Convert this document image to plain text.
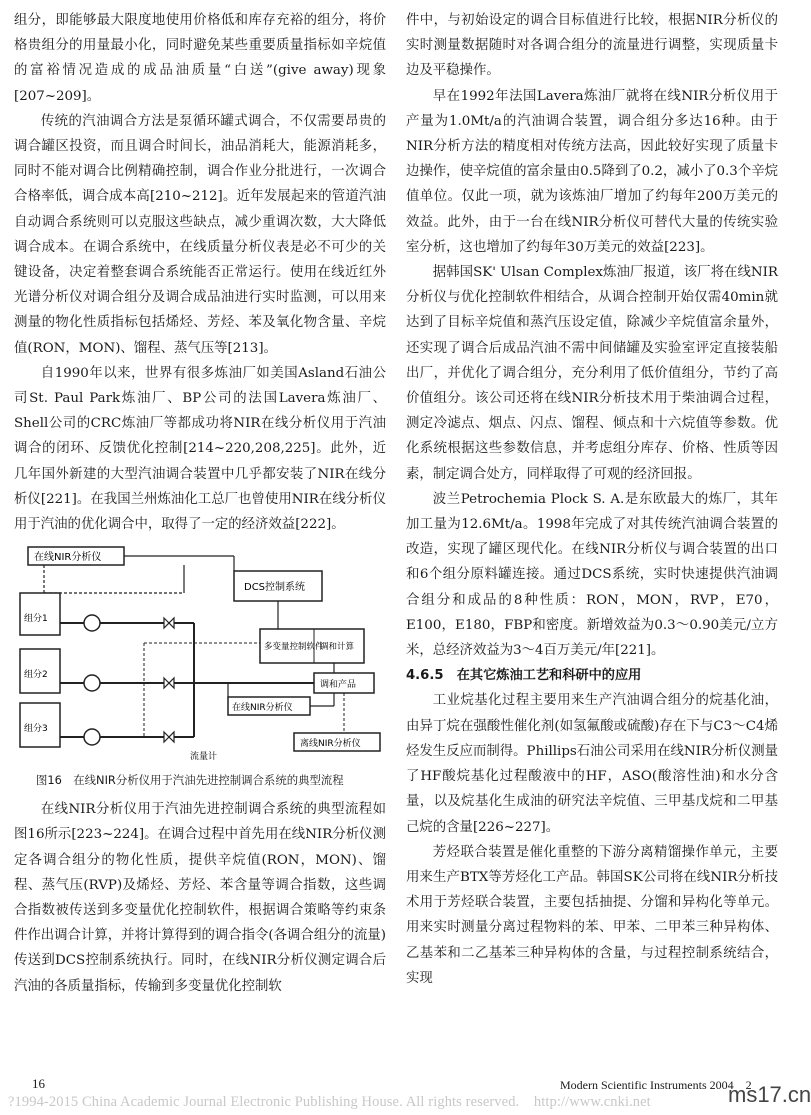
组分，即能够最大限度地使用价格低和库存充裕的组分，将价格贵组分的用量最小化，同时避免某些重要质量指标如辛烷值的富裕情况造成的成品油质量“白送”(give away)现象[207~209]。

传统的汽油调合方法是泵循环罐式调合，不仅需要昂贵的调合罐区投资，而且调合时间长，油品消耗大，能源消耗多，同时不能对调合比例精确控制，调合作业分批进行，一次调合合格率低，调合成本高[210~212]。近年发展起来的管道汽油自动调合系统则可以克服这些缺点，减少重调次数，大大降低调合成本。在调合系统中，在线质量分析仪表是必不可少的关键设备，决定着整套调合系统能否正常运行。使用在线近红外光谱分析仪对调合组分及调合成品油进行实时监测，可以用来测量的物化性质指标包括烯烃、芳烃、苯及氧化物含量、辛烷值(RON，MON)、馏程、蒸气压等[213]。

自1990年以来，世界有很多炼油厂如美国Asland石油公司St. Paul Park炼油厂、BP公司的法国Lavera炼油厂、Shell公司的CRC炼油厂等都成功将NIR在线分析仪用于汽油调合的闭环、反馈优化控制[214~220,208,225]。此外，近几年国外新建的大型汽油调合装置中几乎都安装了NIR在线分析仪[221]。在我国兰州炼油化工总厂也曾使用NIR在线分析仪用于汽油的优化调合中，取得了一定的经济效益[222]。

在线NIR分析仪
DCS控制系统
多变量控制软件
调和计算
组分1
组分2
组分3
在线NIR分析仪
调和产品
离线NIR分析仪
流量计
图16　在线NIR分析仪用于汽油先进控制调合系统的典型流程

在线NIR分析仪用于汽油先进控制调合系统的典型流程如图16所示[223~224]。在调合过程中首先用在线NIR分析仪测定各调合组分的物化性质，提供辛烷值(RON，MON)、馏程、蒸气压(RVP)及烯烃、芳烃、苯含量等调合指数，这些调合指数被传送到多变量优化控制软件，根据调合策略等约束条件作出调合计算，并将计算得到的调合指令(各调合组分的流量)传送到DCS控制系统执行。同时，在线NIR分析仪测定调合后汽油的各质量指标，传输到多变量优化控制软

件中，与初始设定的调合目标值进行比较，根据NIR分析仪的实时测量数据随时对各调合组分的流量进行调整，实现质量卡边及平稳操作。

早在1992年法国Lavera炼油厂就将在线NIR分析仪用于产量为1.0Mt/a的汽油调合装置，调合组分多达16种。由于NIR分析方法的精度相对传统方法高，因此较好实现了质量卡边操作，使辛烷值的富余量由0.5降到了0.2，减小了0.3个辛烷值单位。仅此一项，就为该炼油厂增加了约每年200万美元的效益。此外，由于一台在线NIR分析仪可替代大量的传统实验室分析，这也增加了约每年30万美元的效益[223]。

据韩国SK' Ulsan Complex炼油厂报道，该厂将在线NIR分析仪与优化控制软件相结合，从调合控制开始仅需40min就达到了目标辛烷值和蒸汽压设定值，除减少辛烷值富余量外，还实现了调合后成品汽油不需中间储罐及实验室评定直接装船出厂，并优化了调合组分，充分利用了低价值组分，节约了高价值组分。该公司还将在线NIR分析技术用于柴油调合过程，测定冷滤点、烟点、闪点、馏程、倾点和十六烷值等参数。优化系统根据这些参数信息，并考虑组分库存、价格、性质等因素，制定调合处方，同样取得了可观的经济回报。

波兰Petrochemia Plock S. A.是东欧最大的炼厂，其年加工量为12.6Mt/a。1998年完成了对其传统汽油调合装置的改造，实现了罐区现代化。在线NIR分析仪与调合装置的出口和6个组分原料罐连接。通过DCS系统，实时快速提供汽油调合组分和成品的8种性质：RON，MON，RVP，E70，E100，E180，FBP和密度。新增效益为0.3～0.90美元/立方米，总经济效益为3～4百万美元/年[221]。

4.6.5　在其它炼油工艺和科研中的应用

工业烷基化过程主要用来生产汽油调合组分的烷基化油，由异丁烷在强酸性催化剂(如氢氟酸或硫酸)存在下与C3～C4烯烃发生反应而制得。Phillips石油公司采用在线NIR分析仪测量了HF酸烷基化过程酸液中的HF，ASO(酸溶性油)和水分含量，以及烷基化生成油的研究法辛烷值、三甲基戊烷和二甲基己烷的含量[226~227]。

芳烃联合装置是催化重整的下游分离精馏操作单元，主要用来生产BTX等芳烃化工产品。韩国SK公司将在线NIR分析技术用于芳烃联合装置，主要包括抽提、分馏和异构化等单元。用来实时测量分离过程物料的苯、甲苯、二甲苯三种异构体、乙基苯和二乙基苯三种异构体的含量，与过程控制系统结合，实现

16	Modern Scientific Instruments 2004　2
?1994-2015 China Academic Journal Electronic Publishing House. All rights reserved.　http://www.cnki.net	ms17.cn
